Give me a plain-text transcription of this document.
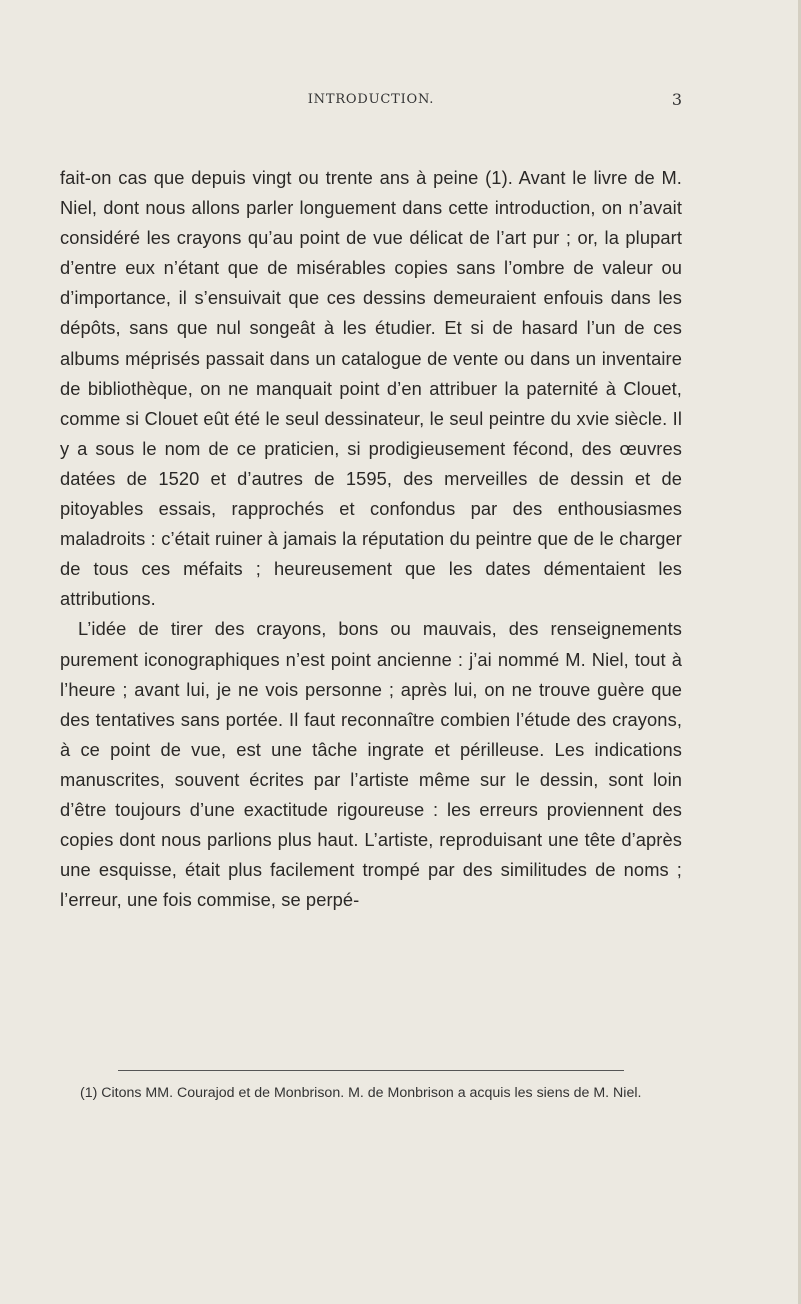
INTRODUCTION.	3

fait-on cas que depuis vingt ou trente ans à peine (1). Avant le livre de M. Niel, dont nous allons parler longuement dans cette introduction, on n’avait considéré les crayons qu’au point de vue délicat de l’art pur ; or, la plupart d’entre eux n’étant que de misérables copies sans l’ombre de valeur ou d’importance, il s’ensuivait que ces dessins demeuraient enfouis dans les dépôts, sans que nul songeât à les étudier. Et si de hasard l’un de ces albums méprisés passait dans un catalogue de vente ou dans un inventaire de bibliothèque, on ne manquait point d’en attribuer la paternité à Clouet, comme si Clouet eût été le seul dessinateur, le seul peintre du xvie siècle. Il y a sous le nom de ce praticien, si prodigieusement fécond, des œuvres datées de 1520 et d’autres de 1595, des merveilles de dessin et de pitoyables essais, rapprochés et confondus par des enthousiasmes maladroits : c’était ruiner à jamais la réputation du peintre que de le charger de tous ces méfaits ; heureusement que les dates démentaient les attributions.

L’idée de tirer des crayons, bons ou mauvais, des renseignements purement iconographiques n’est point ancienne : j’ai nommé M. Niel, tout à l’heure ; avant lui, je ne vois personne ; après lui, on ne trouve guère que des tentatives sans portée. Il faut reconnaître combien l’étude des crayons, à ce point de vue, est une tâche ingrate et périlleuse. Les indications manuscrites, souvent écrites par l’artiste même sur le dessin, sont loin d’être toujours d’une exactitude rigoureuse : les erreurs proviennent des copies dont nous parlions plus haut. L’artiste, reproduisant une tête d’après une esquisse, était plus facilement trompé par des similitudes de noms ; l’erreur, une fois commise, se perpé-

(1) Citons MM. Courajod et de Monbrison. M. de Monbrison a acquis les siens de M. Niel.
